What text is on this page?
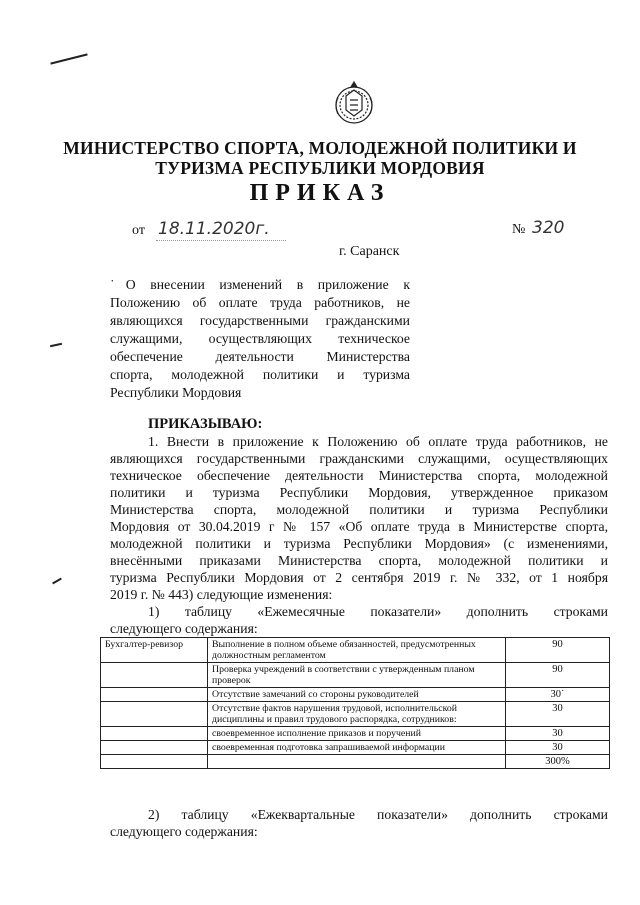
МИНИСТЕРСТВО СПОРТА, МОЛОДЕЖНОЙ ПОЛИТИКИ И
ТУРИЗМА РЕСПУБЛИКИ МОРДОВИЯ
ПРИКАЗ
от 18.11.2020г.	№ 320
г. Саранск
˙О внесении изменений в приложение к
Положению об оплате труда работников, не
являющихся государственными гражданскими
служащими, осуществляющих техническое
обеспечение деятельности Министерства
спорта, молодежной политики и туризма
Республики Мордовия
ПРИКАЗЫВАЮ:
1. Внести в приложение к Положению об оплате труда работников, не
являющихся государственными гражданскими служащими, осуществляющих
техническое обеспечение деятельности Министерства спорта, молодежной
политики и туризма Республики Мордовия, утвержденное приказом
Министерства спорта, молодежной политики и туризма Республики
Мордовия от 30.04.2019 г № 157 «Об оплате труда в Министерстве спорта,
молодежной политики и туризма Республики Мордовия» (с изменениями,
внесёнными приказами Министерства спорта, молодежной политики и
туризма Республики Мордовия от 2 сентября 2019 г. № 332, от 1 ноября
2019 г. № 443) следующие изменения:
1) таблицу «Ежемесячные показатели» дополнить строками
следующего содержания:
Бухгалтер-ревизор	Выполнение в полном объеме обязанностей, предусмотренных должностным регламентом	90
	Проверка учреждений в соответствии с утвержденным планом проверок	90
	Отсутствие замечаний со стороны руководителей	30˙
	Отсутствие фактов нарушения трудовой, исполнительской дисциплины и правил трудового распорядка, сотрудников:	30
	своевременное исполнение приказов и поручений	30
	своевременная подготовка запрашиваемой информации	30
		300%
2) таблицу «Ежеквартальные показатели» дополнить строками
следующего содержания:
